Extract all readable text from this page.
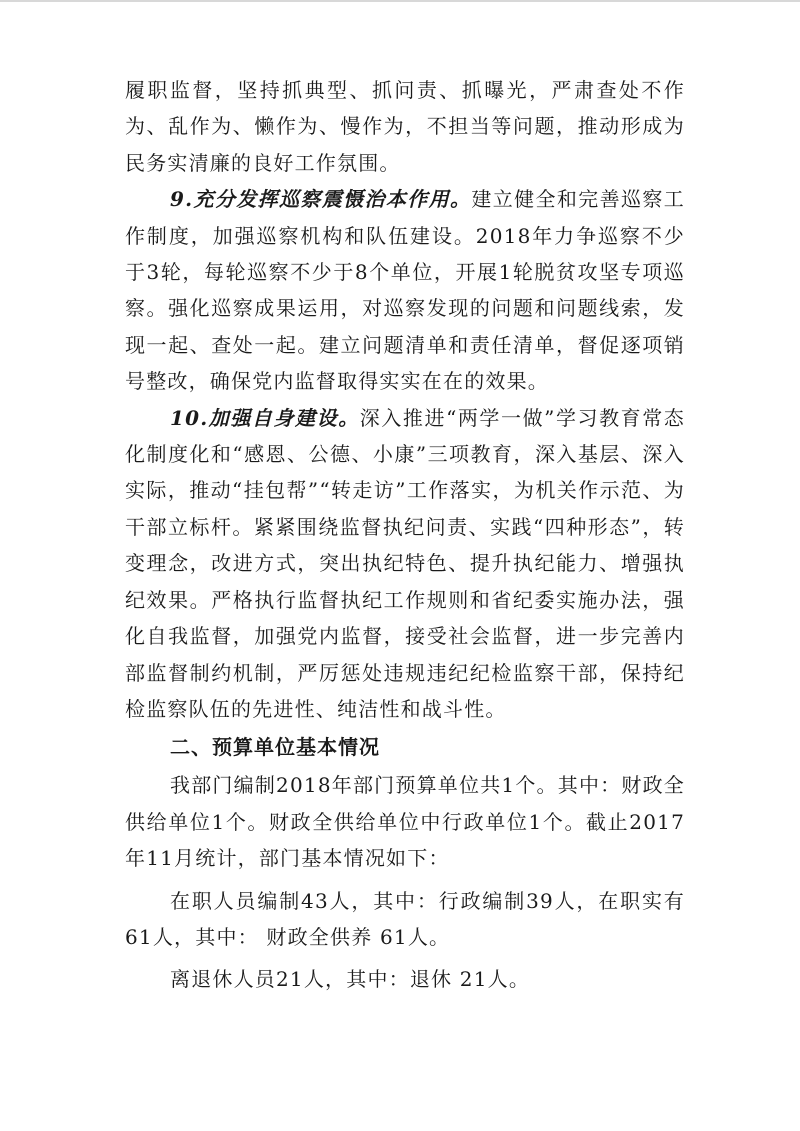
履职监督，坚持抓典型、抓问责、抓曝光，严肃查处不作为、乱作为、懒作为、慢作为，不担当等问题，推动形成为民务实清廉的良好工作氛围。

9.充分发挥巡察震慑治本作用。建立健全和完善巡察工作制度，加强巡察机构和队伍建设。2018年力争巡察不少于3轮，每轮巡察不少于8个单位，开展1轮脱贫攻坚专项巡察。强化巡察成果运用，对巡察发现的问题和问题线索，发现一起、查处一起。建立问题清单和责任清单，督促逐项销号整改，确保党内监督取得实实在在的效果。

10.加强自身建设。深入推进“两学一做”学习教育常态化制度化和“感恩、公德、小康”三项教育，深入基层、深入实际，推动“挂包帮”“转走访”工作落实，为机关作示范、为干部立标杆。紧紧围绕监督执纪问责、实践“四种形态”，转变理念，改进方式，突出执纪特色、提升执纪能力、增强执纪效果。严格执行监督执纪工作规则和省纪委实施办法，强化自我监督，加强党内监督，接受社会监督，进一步完善内部监督制约机制，严厉惩处违规违纪纪检监察干部，保持纪检监察队伍的先进性、纯洁性和战斗性。

二、预算单位基本情况

我部门编制2018年部门预算单位共1个。其中：财政全供给单位1个。财政全供给单位中行政单位1个。截止2017年11月统计，部门基本情况如下：

在职人员编制43人，其中：行政编制39人，在职实有61人，其中： 财政全供养 61人。

离退休人员21人，其中：退休 21人。
